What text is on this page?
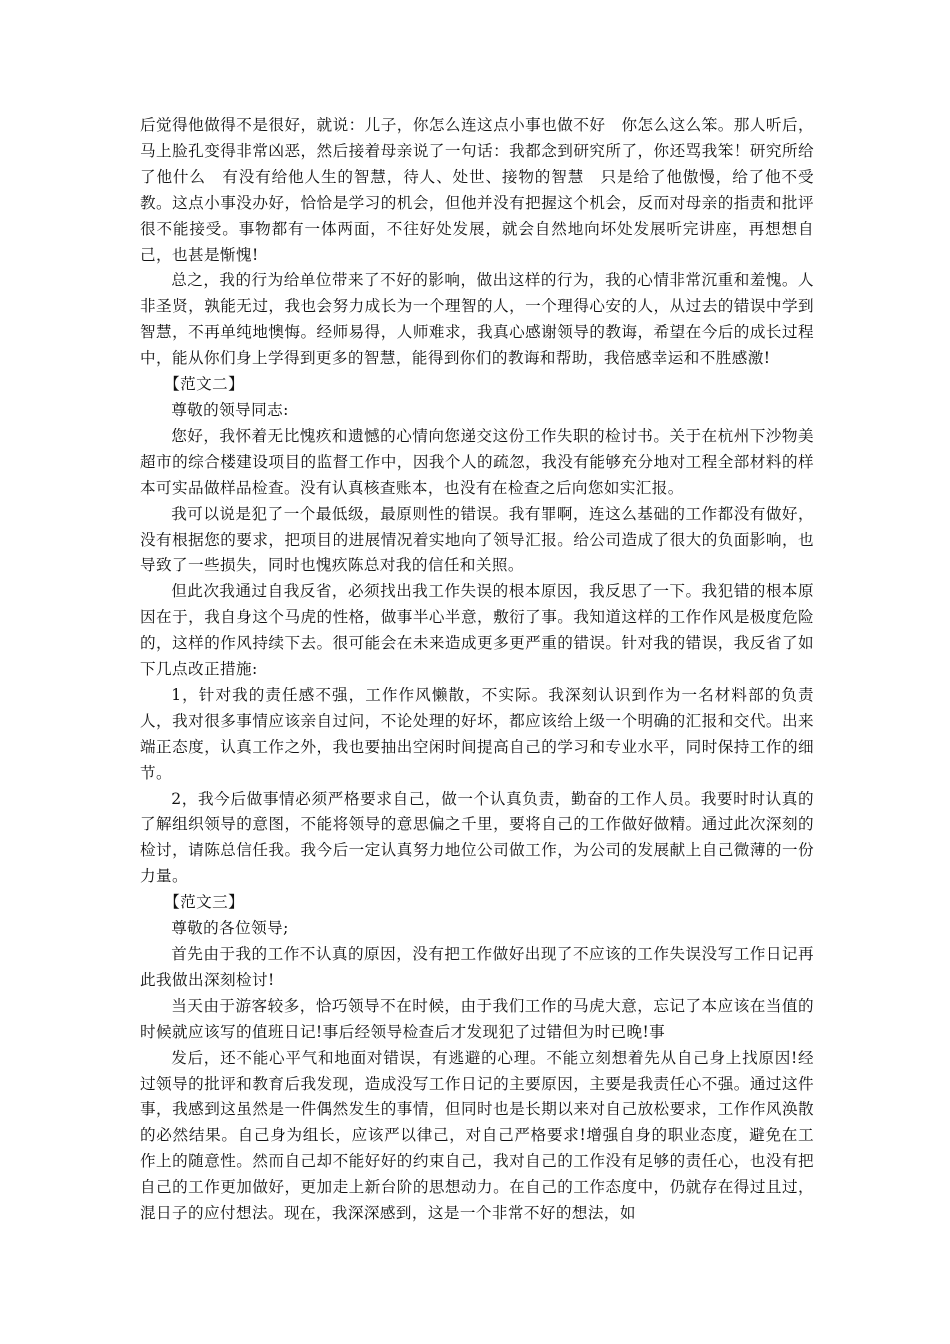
后觉得他做得不是很好，就说：儿子，你怎么连这点小事也做不好　你怎么这么笨。那人听后，马上脸孔变得非常凶恶，然后接着母亲说了一句话：我都念到研究所了，你还骂我笨！研究所给了他什么　有没有给他人生的智慧，待人、处世、接物的智慧　只是给了他傲慢，给了他不受教。这点小事没办好，恰恰是学习的机会，但他并没有把握这个机会，反而对母亲的指责和批评很不能接受。事物都有一体两面，不往好处发展，就会自然地向坏处发展听完讲座，再想想自己，也甚是惭愧!

总之，我的行为给单位带来了不好的影响，做出这样的行为，我的心情非常沉重和羞愧。人非圣贤，孰能无过，我也会努力成长为一个理智的人，一个理得心安的人，从过去的错误中学到智慧，不再单纯地懊悔。经师易得，人师难求，我真心感谢领导的教诲，希望在今后的成长过程中，能从你们身上学得到更多的智慧，能得到你们的教诲和帮助，我倍感幸运和不胜感激!

【范文二】

尊敬的领导同志:

您好，我怀着无比愧疚和遗憾的心情向您递交这份工作失职的检讨书。关于在杭州下沙物美超市的综合楼建设项目的监督工作中，因我个人的疏忽，我没有能够充分地对工程全部材料的样本可实品做样品检查。没有认真核查账本，也没有在检查之后向您如实汇报。

我可以说是犯了一个最低级，最原则性的错误。我有罪啊，连这么基础的工作都没有做好，没有根据您的要求，把项目的进展情况着实地向了领导汇报。给公司造成了很大的负面影响，也导致了一些损失，同时也愧疚陈总对我的信任和关照。

但此次我通过自我反省，必须找出我工作失误的根本原因，我反思了一下。我犯错的根本原因在于，我自身这个马虎的性格，做事半心半意，敷衍了事。我知道这样的工作作风是极度危险的，这样的作风持续下去。很可能会在未来造成更多更严重的错误。针对我的错误，我反省了如下几点改正措施:

1，针对我的责任感不强，工作作风懒散，不实际。我深刻认识到作为一名材料部的负责人，我对很多事情应该亲自过问，不论处理的好坏，都应该给上级一个明确的汇报和交代。出来端正态度，认真工作之外，我也要抽出空闲时间提高自己的学习和专业水平，同时保持工作的细节。

2，我今后做事情必须严格要求自己，做一个认真负责，勤奋的工作人员。我要时时认真的了解组织领导的意图，不能将领导的意思偏之千里，要将自己的工作做好做精。通过此次深刻的检讨，请陈总信任我。我今后一定认真努力地位公司做工作，为公司的发展献上自己微薄的一份力量。

【范文三】

尊敬的各位领导;

首先由于我的工作不认真的原因，没有把工作做好出现了不应该的工作失误没写工作日记再此我做出深刻检讨!

当天由于游客较多，恰巧领导不在时候，由于我们工作的马虎大意，忘记了本应该在当值的时候就应该写的值班日记!事后经领导检查后才发现犯了过错但为时已晚!事

发后，还不能心平气和地面对错误，有逃避的心理。不能立刻想着先从自己身上找原因!经过领导的批评和教育后我发现，造成没写工作日记的主要原因，主要是我责任心不强。通过这件事，我感到这虽然是一件偶然发生的事情，但同时也是长期以来对自己放松要求，工作作风涣散的必然结果。自己身为组长，应该严以律己，对自己严格要求!增强自身的职业态度，避免在工作上的随意性。然而自己却不能好好的约束自己，我对自己的工作没有足够的责任心，也没有把自己的工作更加做好，更加走上新台阶的思想动力。在自己的工作态度中，仍就存在得过且过，混日子的应付想法。现在，我深深感到，这是一个非常不好的想法，如
